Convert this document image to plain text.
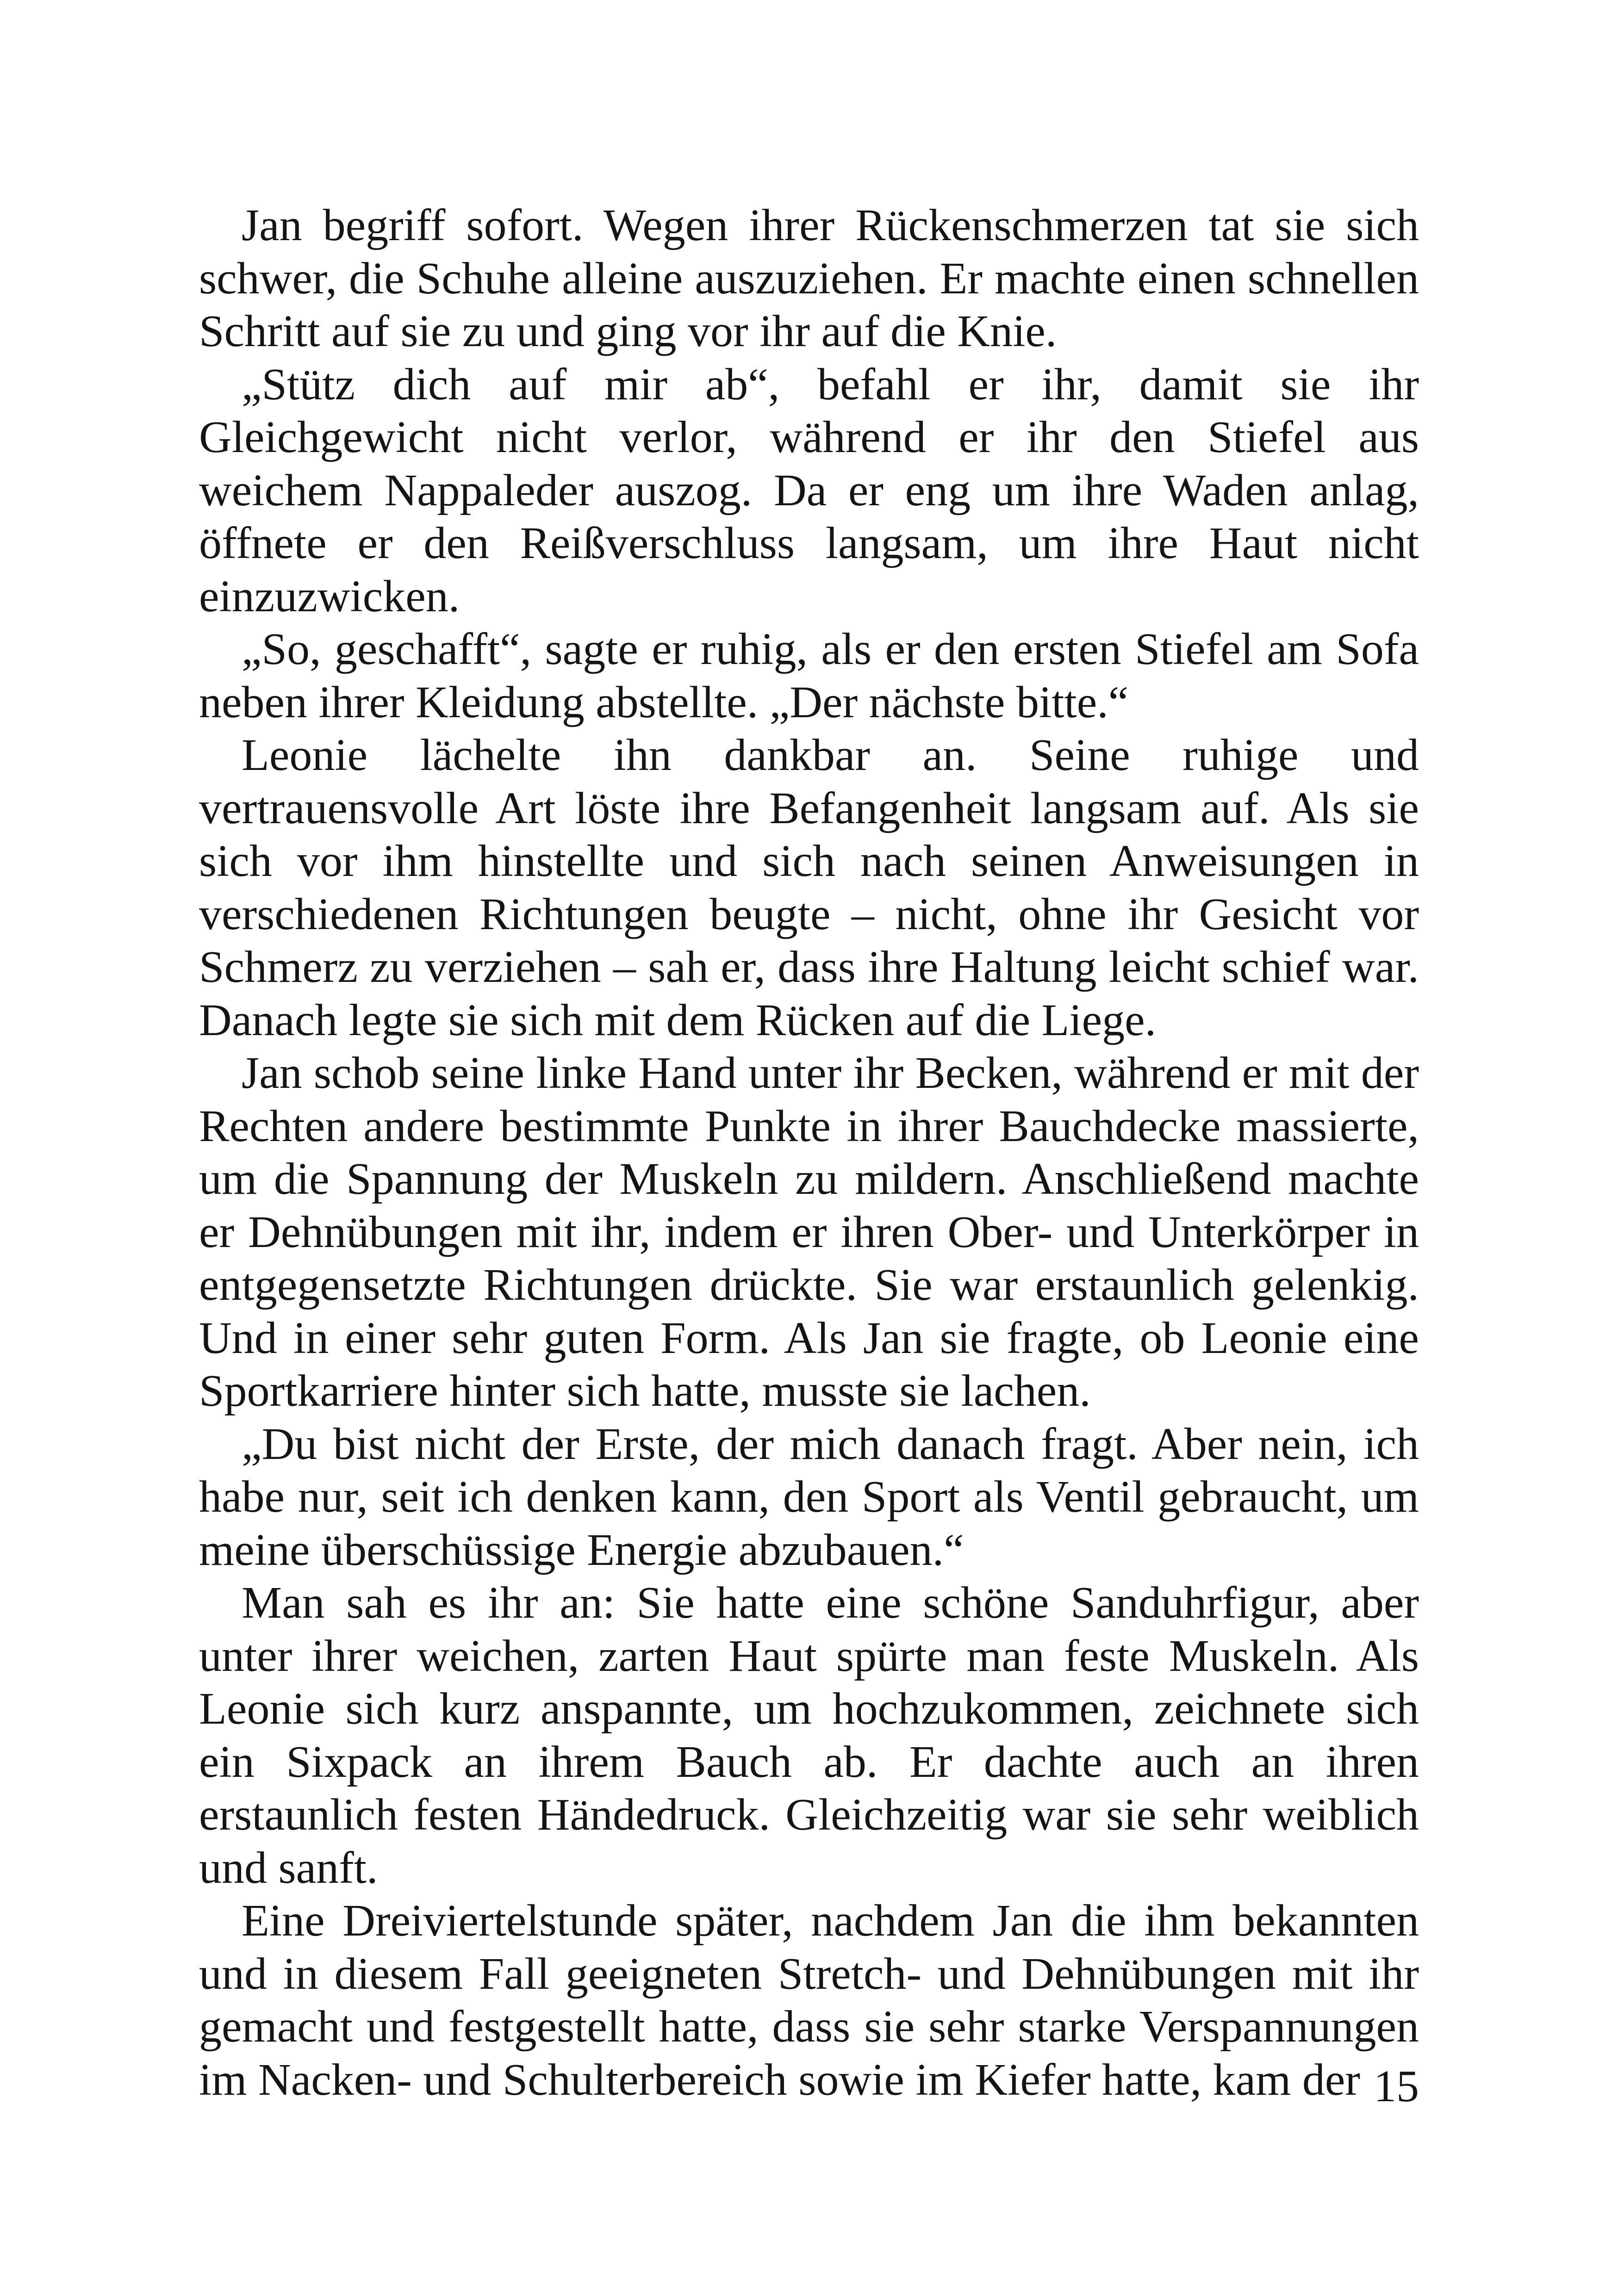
Jan begriff sofort. Wegen ihrer Rückenschmerzen tat sie sich schwer, die Schuhe alleine auszuziehen. Er machte einen schnellen Schritt auf sie zu und ging vor ihr auf die Knie.

„Stütz dich auf mir ab“, befahl er ihr, damit sie ihr Gleichgewicht nicht verlor, während er ihr den Stiefel aus weichem Nappaleder auszog. Da er eng um ihre Waden anlag, öffnete er den Reißverschluss langsam, um ihre Haut nicht einzuzwicken.

„So, geschafft“, sagte er ruhig, als er den ersten Stiefel am Sofa neben ihrer Kleidung abstellte. „Der nächste bitte.“

Leonie lächelte ihn dankbar an. Seine ruhige und vertrauensvolle Art löste ihre Befangenheit langsam auf. Als sie sich vor ihm hinstellte und sich nach seinen Anweisungen in verschiedenen Richtungen beugte – nicht, ohne ihr Gesicht vor Schmerz zu verziehen – sah er, dass ihre Haltung leicht schief war. Danach legte sie sich mit dem Rücken auf die Liege.

Jan schob seine linke Hand unter ihr Becken, während er mit der Rechten andere bestimmte Punkte in ihrer Bauchdecke massierte, um die Spannung der Muskeln zu mildern. Anschließend machte er Dehnübungen mit ihr, indem er ihren Ober- und Unterkörper in entgegensetzte Richtungen drückte. Sie war erstaunlich gelenkig. Und in einer sehr guten Form. Als Jan sie fragte, ob Leonie eine Sportkarriere hinter sich hatte, musste sie lachen.

„Du bist nicht der Erste, der mich danach fragt. Aber nein, ich habe nur, seit ich denken kann, den Sport als Ventil gebraucht, um meine überschüssige Energie abzubauen.“

Man sah es ihr an: Sie hatte eine schöne Sanduhrfigur, aber unter ihrer weichen, zarten Haut spürte man feste Muskeln. Als Leonie sich kurz anspannte, um hochzukommen, zeichnete sich ein Sixpack an ihrem Bauch ab. Er dachte auch an ihren erstaunlich festen Händedruck. Gleichzeitig war sie sehr weiblich und sanft.

Eine Dreiviertelstunde später, nachdem Jan die ihm bekannten und in diesem Fall geeigneten Stretch- und Dehnübungen mit ihr gemacht und festgestellt hatte, dass sie sehr starke Verspannungen im Nacken- und Schulterbereich sowie im Kiefer hatte, kam der 15
